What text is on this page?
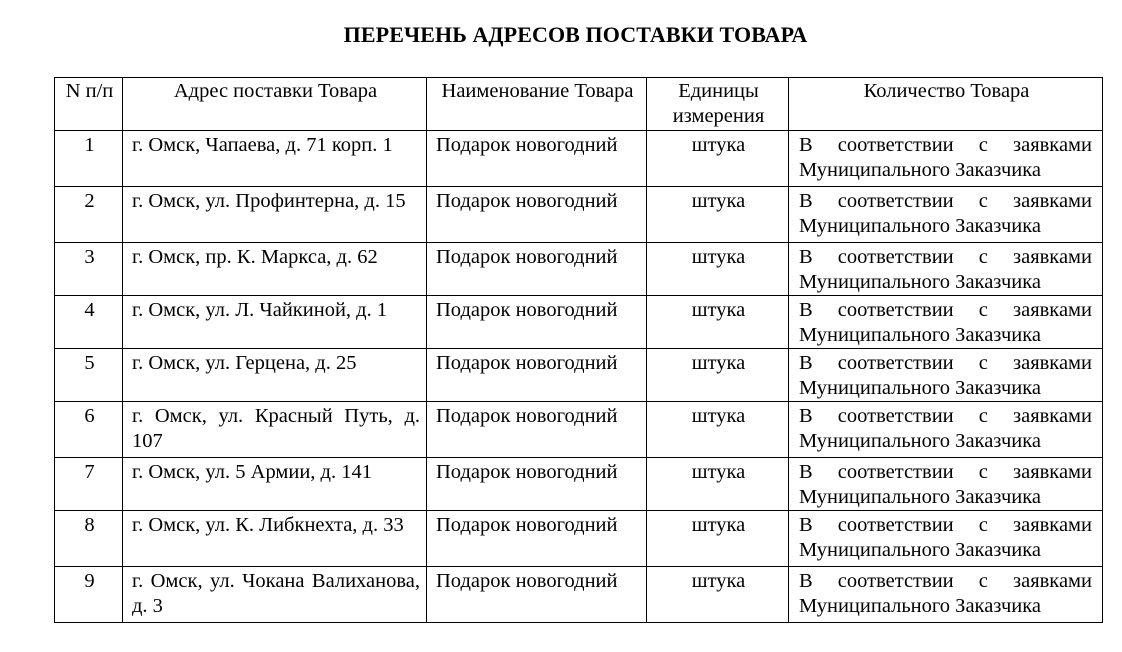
ПЕРЕЧЕНЬ АДРЕСОВ ПОСТАВКИ ТОВАРА
N п/п	Адрес поставки Товара	Наименование Товара	Единицы измерения	Количество Товара
1	г. Омск, Чапаева, д. 71 корп. 1	Подарок новогодний	штука	В соответствии с заявками Муниципального Заказчика
2	г. Омск, ул. Профинтерна, д. 15	Подарок новогодний	штука	В соответствии с заявками Муниципального Заказчика
3	г. Омск, пр. К. Маркса, д. 62	Подарок новогодний	штука	В соответствии с заявками Муниципального Заказчика
4	г. Омск, ул. Л. Чайкиной, д. 1	Подарок новогодний	штука	В соответствии с заявками Муниципального Заказчика
5	г. Омск, ул. Герцена, д. 25	Подарок новогодний	штука	В соответствии с заявками Муниципального Заказчика
6	г. Омск, ул. Красный Путь, д. 107	Подарок новогодний	штука	В соответствии с заявками Муниципального Заказчика
7	г. Омск, ул. 5 Армии, д. 141	Подарок новогодний	штука	В соответствии с заявками Муниципального Заказчика
8	г. Омск, ул. К. Либкнехта, д. 33	Подарок новогодний	штука	В соответствии с заявками Муниципального Заказчика
9	г. Омск, ул. Чокана Валиханова, д. 3	Подарок новогодний	штука	В соответствии с заявками Муниципального Заказчика
